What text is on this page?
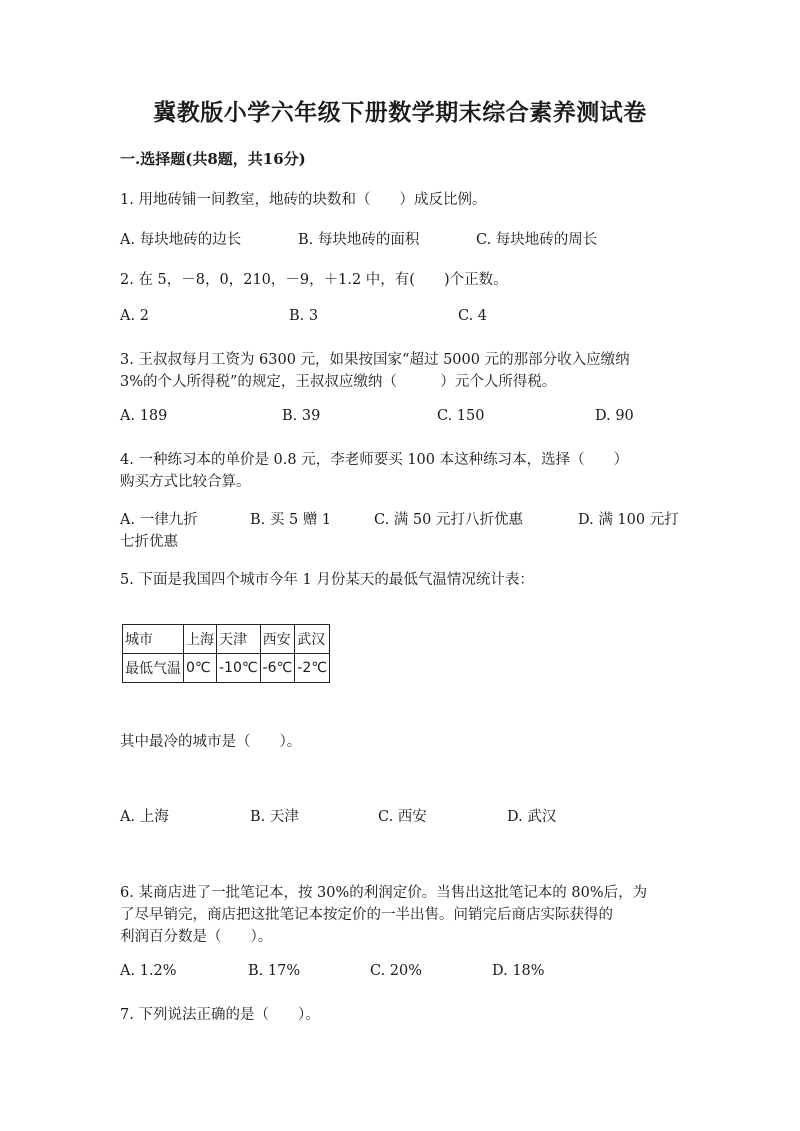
冀教版小学六年级下册数学期末综合素养测试卷
一.选择题(共8题，共16分)
1. 用地砖铺一间教室，地砖的块数和（　　）成反比例。
A. 每块地砖的边长	B. 每块地砖的面积	C. 每块地砖的周长
2. 在 5，－8，0，210，－9，＋1.2 中，有(　　)个正数。
A. 2	B. 3	C. 4
3. 王叔叔每月工资为 6300 元，如果按国家“超过 5000 元的那部分收入应缴纳
3%的个人所得税”的规定，王叔叔应缴纳（　　　）元个人所得税。
A. 189	B. 39	C. 150	D. 90
4. 一种练习本的单价是 0.8 元，李老师要买 100 本这种练习本，选择（　　）
购买方式比较合算。
A. 一律九折	B. 买 5 赠 1	C. 满 50 元打八折优惠	D. 满 100 元打
七折优惠
5. 下面是我国四个城市今年 1 月份某天的最低气温情况统计表：
城市	上海	天津	西安	武汉
最低气温	0℃	-10℃	-6℃	-2℃
其中最冷的城市是（　　）。
A. 上海	B. 天津	C. 西安	D. 武汉
6. 某商店进了一批笔记本，按 30%的利润定价。当售出这批笔记本的 80%后，为
了尽早销完，商店把这批笔记本按定价的一半出售。问销完后商店实际获得的
利润百分数是（　　）。
A. 1.2%	B. 17%	C. 20%	D. 18%
7. 下列说法正确的是（　　）。
